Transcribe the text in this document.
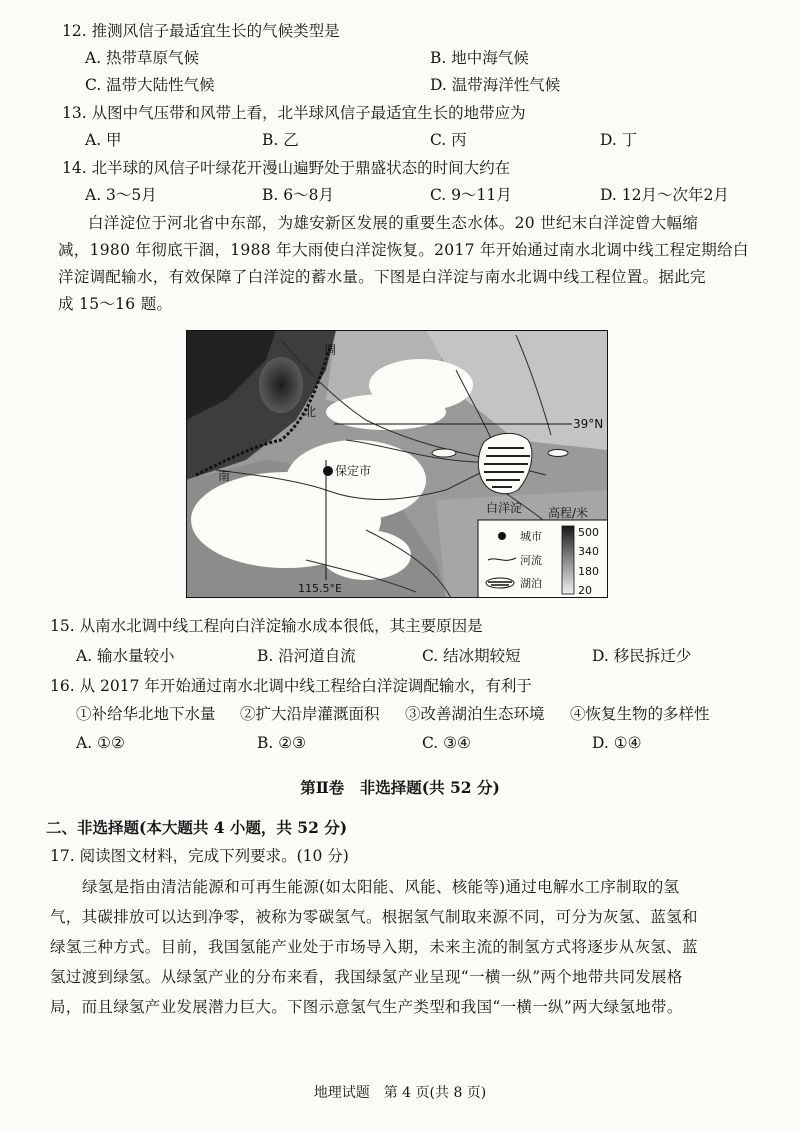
12. 推测风信子最适宜生长的气候类型是
A. 热带草原气候	B. 地中海气候
C. 温带大陆性气候	D. 温带海洋性气候
13. 从图中气压带和风带上看，北半球风信子最适宜生长的地带应为
A. 甲	B. 乙	C. 丙	D. 丁
14. 北半球的风信子叶绿花开漫山遍野处于鼎盛状态的时间大约在
A. 3～5月	B. 6～8月	C. 9～11月	D. 12月～次年2月
白洋淀位于河北省中东部，为雄安新区发展的重要生态水体。20 世纪末白洋淀曾大幅缩
减，1980 年彻底干涸，1988 年大雨使白洋淀恢复。2017 年开始通过南水北调中线工程定期给白
洋淀调配输水，有效保障了白洋淀的蓄水量。下图是白洋淀与南水北调中线工程位置。据此完
成 15～16 题。
39°N
115.5°E
调
北
南	保定市
白洋淀 高程/米
城市
河流
湖泊
500
340
180
20
15. 从南水北调中线工程向白洋淀输水成本很低，其主要原因是
A. 输水量较小	B. 沿河道自流	C. 结冰期较短	D. 移民拆迁少
16. 从 2017 年开始通过南水北调中线工程给白洋淀调配输水，有利于
①补给华北地下水量 ②扩大沿岸灌溉面积 ③改善湖泊生态环境 ④恢复生物的多样性
A. ①②	B. ②③	C. ③④	D. ①④
第Ⅱ卷　非选择题(共 52 分)
二、非选择题(本大题共 4 小题，共 52 分)
17. 阅读图文材料，完成下列要求。(10 分)
绿氢是指由清洁能源和可再生能源(如太阳能、风能、核能等)通过电解水工序制取的氢
气，其碳排放可以达到净零，被称为零碳氢气。根据氢气制取来源不同，可分为灰氢、蓝氢和
绿氢三种方式。目前，我国氢能产业处于市场导入期，未来主流的制氢方式将逐步从灰氢、蓝
氢过渡到绿氢。从绿氢产业的分布来看，我国绿氢产业呈现“一横一纵”两个地带共同发展格
局，而且绿氢产业发展潜力巨大。下图示意氢气生产类型和我国“一横一纵”两大绿氢地带。
地理试题　第 4 页(共 8 页)
